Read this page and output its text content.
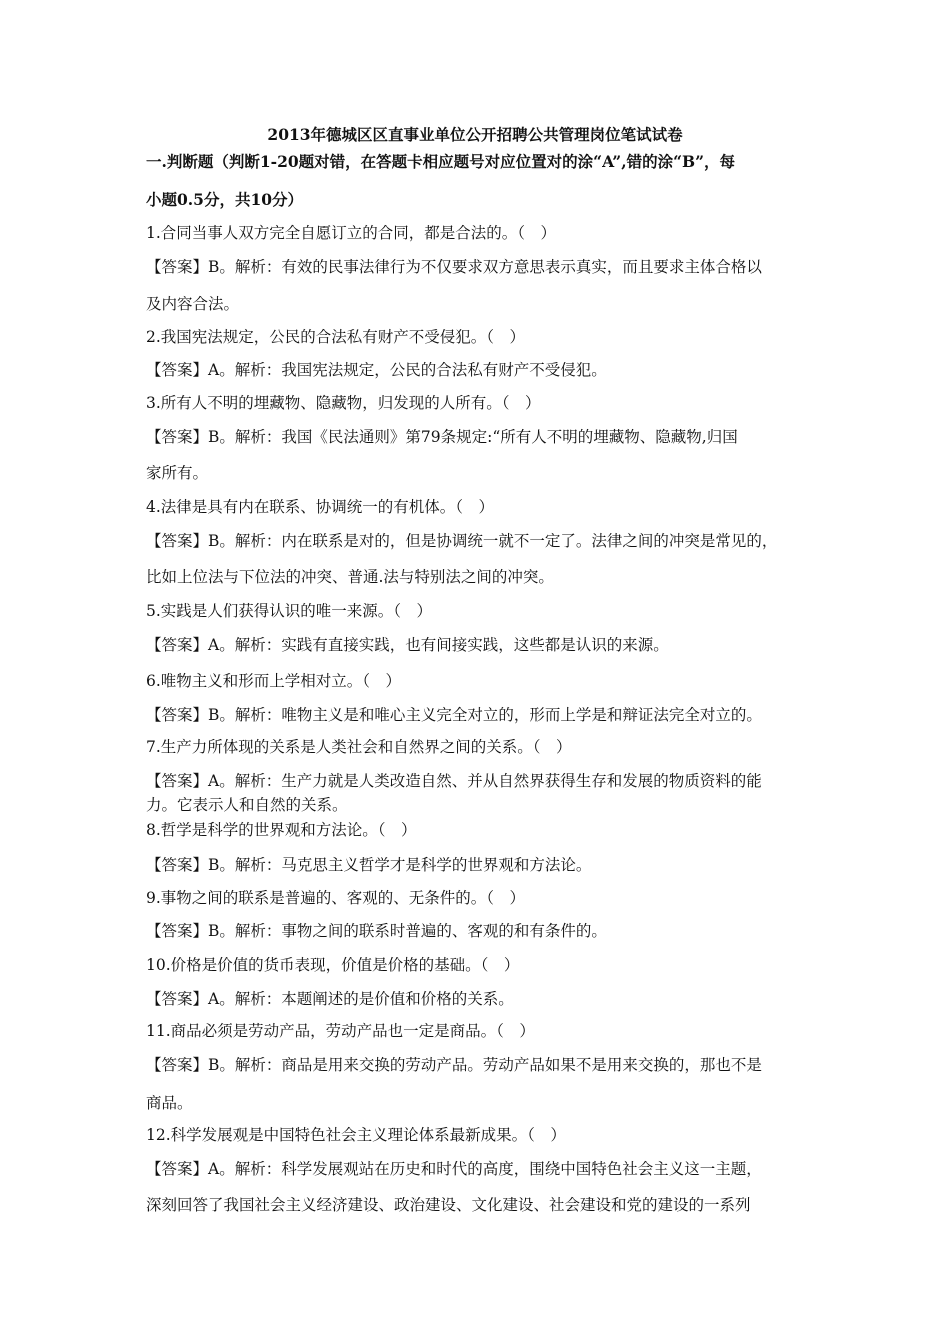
2013年德城区区直事业单位公开招聘公共管理岗位笔试试卷
一.判断题（判断1-20题对错，在答题卡相应题号对应位置对的涂“A”,错的涂“B”，每
小题0.5分，共10分）
1.合同当事人双方完全自愿订立的合同，都是合法的。（　）
【答案】B。解析：有效的民事法律行为不仅要求双方意思表示真实，而且要求主体合格以
及内容合法。
2.我国宪法规定，公民的合法私有财产不受侵犯。（　）
【答案】A。解析：我国宪法规定，公民的合法私有财产不受侵犯。
3.所有人不明的埋藏物、隐藏物，归发现的人所有。（　）
【答案】B。解析：我国《民法通则》第79条规定:“所有人不明的埋藏物、隐藏物,归国
家所有。
4.法律是具有内在联系、协调统一的有机体。（　）
【答案】B。解析：内在联系是对的，但是协调统一就不一定了。法律之间的冲突是常见的，
比如上位法与下位法的冲突、普通.法与特别法之间的冲突。
5.实践是人们获得认识的唯一来源。（　）
【答案】A。解析：实践有直接实践，也有间接实践，这些都是认识的来源。
6.唯物主义和形而上学相对立。（　）
【答案】B。解析：唯物主义是和唯心主义完全对立的，形而上学是和辩证法完全对立的。
7.生产力所体现的关系是人类社会和自然界之间的关系。（　）
【答案】A。解析：生产力就是人类改造自然、并从自然界获得生存和发展的物质资料的能
力。它表示人和自然的关系。
8.哲学是科学的世界观和方法论。（　）
【答案】B。解析：马克思主义哲学才是科学的世界观和方法论。
9.事物之间的联系是普遍的、客观的、无条件的。（　）
【答案】B。解析：事物之间的联系时普遍的、客观的和有条件的。
10.价格是价值的货币表现，价值是价格的基础。（　）
【答案】A。解析：本题阐述的是价值和价格的关系。
11.商品必须是劳动产品，劳动产品也一定是商品。（　）
【答案】B。解析：商品是用来交换的劳动产品。劳动产品如果不是用来交换的，那也不是
商品。
12.科学发展观是中国特色社会主义理论体系最新成果。（　）
【答案】A。解析：科学发展观站在历史和时代的高度，围绕中国特色社会主义这一主题，
深刻回答了我国社会主义经济建设、政治建设、文化建设、社会建设和党的建设的一系列
